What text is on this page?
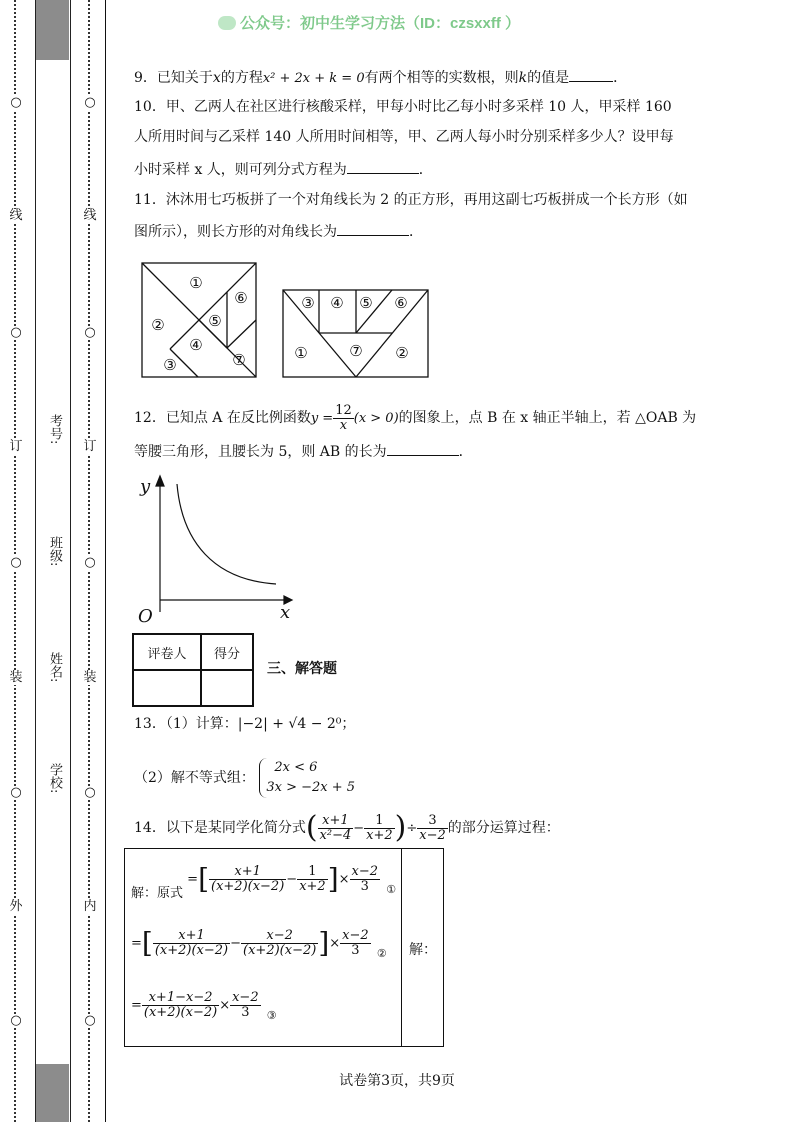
○
线
○
订
○
装
○
外
○
○
线
○
订
○
装
○
内
○
考号:
班级:
姓名:
学校:
公众号：初中生学习方法（ID：czsxxff ）
9．已知关于x的方程x² + 2x + k = 0有两个相等的实数根，则k的值是	．
10．甲、乙两人在社区进行核酸采样，甲每小时比乙每小时多采样 10 人，甲采样 160
人所用时间与乙采样 140 人所用时间相等，甲、乙两人每小时分别采样多少人？设甲每
小时采样 x 人，则可列分式方程为	．
11．沐沐用七巧板拼了一个对角线长为 2 的正方形，再用这副七巧板拼成一个长方形（如
图所示），则长方形的对角线长为	．
①
②
③
④
⑤
⑥
⑦
③ ④ ⑤ ⑥
①	⑦ ②
12．已知点 A 在反比例函数$y = \frac{12}{x} (x > 0)$的图象上，点 B 在 x 轴正半轴上，若 △OAB 为
等腰三角形，且腰长为 5，则 AB 的长为	．
y
x
O
评卷人	得分

三、解答题
13．（1）计算：|−2| + √4 − 2⁰；
（2）解不等式组：
2x < 6
3x > −2x + 5
14．以下是某同学化简分式( $\frac{x+1}{\text{x²−4}} - \frac{1}{x+2}$ )÷ $\frac{3}{x-2}$ 的部分运算过程：
解：
解：原式 =[ $\frac{x+1}{(x+2)(x-2)} - \frac{1}{x+2}$ ]× $\frac{x-2}{3}$ ①
=[ $\frac{x+1}{(x+2)(x-2)} - \frac{x-2}{(x+2)(x-2)}$ ]× $\frac{x-2}{3}$ ②
= $\frac{x+1-x-2}{(x+2)(x-2)} \times \frac{x-2}{3}$ ③
试卷第3页，共9页
